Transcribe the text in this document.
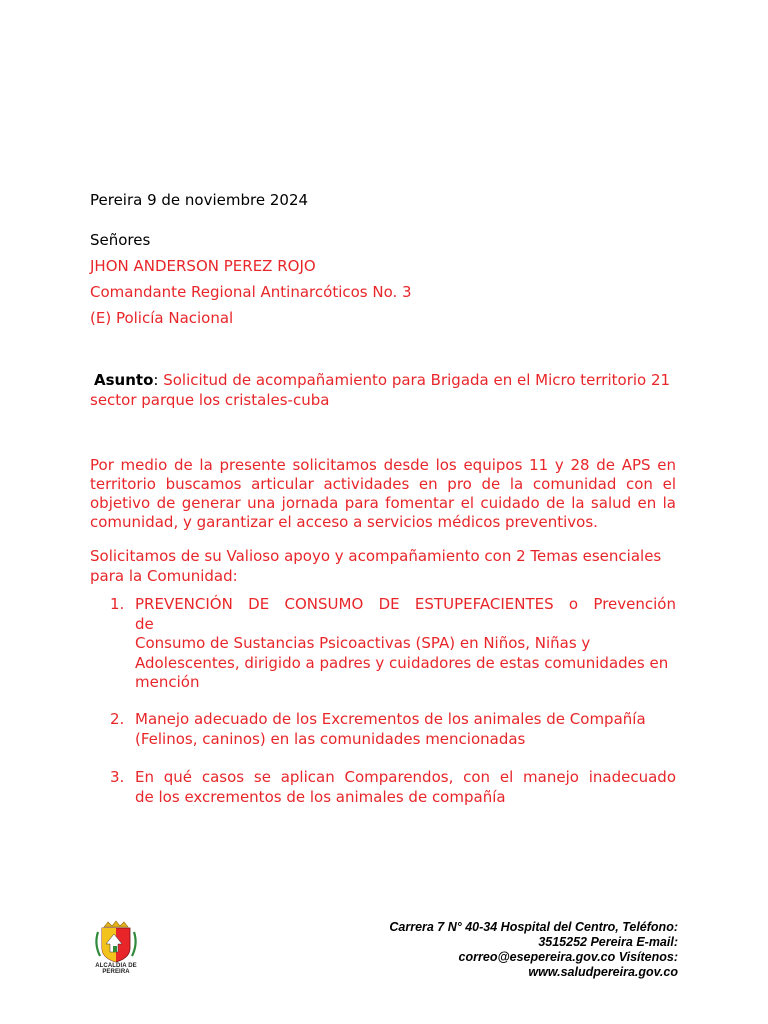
Pereira 9 de noviembre 2024
Señores
JHON ANDERSON PEREZ ROJO
Comandante Regional Antinarcóticos No. 3
(E) Policía Nacional
Asunto: Solicitud de acompañamiento para Brigada en el Micro territorio 21
sector parque los cristales-cuba
Por medio de la presente solicitamos desde los equipos 11 y 28 de APS en territorio buscamos articular actividades en pro de la comunidad con el objetivo de generar una jornada para fomentar el cuidado de la salud en la comunidad, y garantizar el acceso a servicios médicos preventivos.
Solicitamos de su Valioso apoyo y acompañamiento con 2 Temas esenciales
para la Comunidad:
1. PREVENCIÓN DE CONSUMO DE ESTUPEFACIENTES o Prevención
de
Consumo de Sustancias Psicoactivas (SPA) en Niños, Niñas y
Adolescentes, dirigido a padres y cuidadores de estas comunidades en
mención
2. Manejo adecuado de los Excrementos de los animales de Compañía
(Felinos, caninos) en las comunidades mencionadas
3. En qué casos se aplican Comparendos, con el manejo inadecuado
de los excrementos de los animales de compañía
ALCALDIA DE PEREIRA
Carrera 7 N° 40-34 Hospital del Centro, Teléfono:
3515252 Pereira E-mail:
correo@esepereira.gov.co Visítenos:
www.saludpereira.gov.co
